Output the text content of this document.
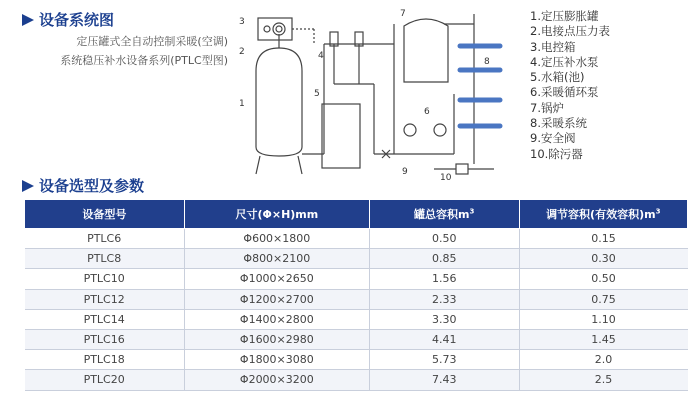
设备系统图
定压罐式全自动控制采暖(空调)
系统稳压补水设备系列(PTLC型图)
1
2
3
4
5
6
7
8
9
10
1.定压膨胀罐
2.电接点压力表
3.电控箱
4.定压补水泵
5.水箱(池)
6.采暖循环泵
7.锅炉
8.采暖系统
9.安全阀
10.除污器
设备选型及参数
设备型号	尺寸(Φ×H)mm	罐总容积$m^3$	调节容积(有效容积)$m^3$
PTLC6	Φ600×1800	0.50	0.15
PTLC8	Φ800×2100	0.85	0.30
PTLC10	Φ1000×2650	1.56	0.50
PTLC12	Φ1200×2700	2.33	0.75
PTLC14	Φ1400×2800	3.30	1.10
PTLC16	Φ1600×2980	4.41	1.45
PTLC18	Φ1800×3080	5.73	2.0
PTLC20	Φ2000×3200	7.43	2.5
